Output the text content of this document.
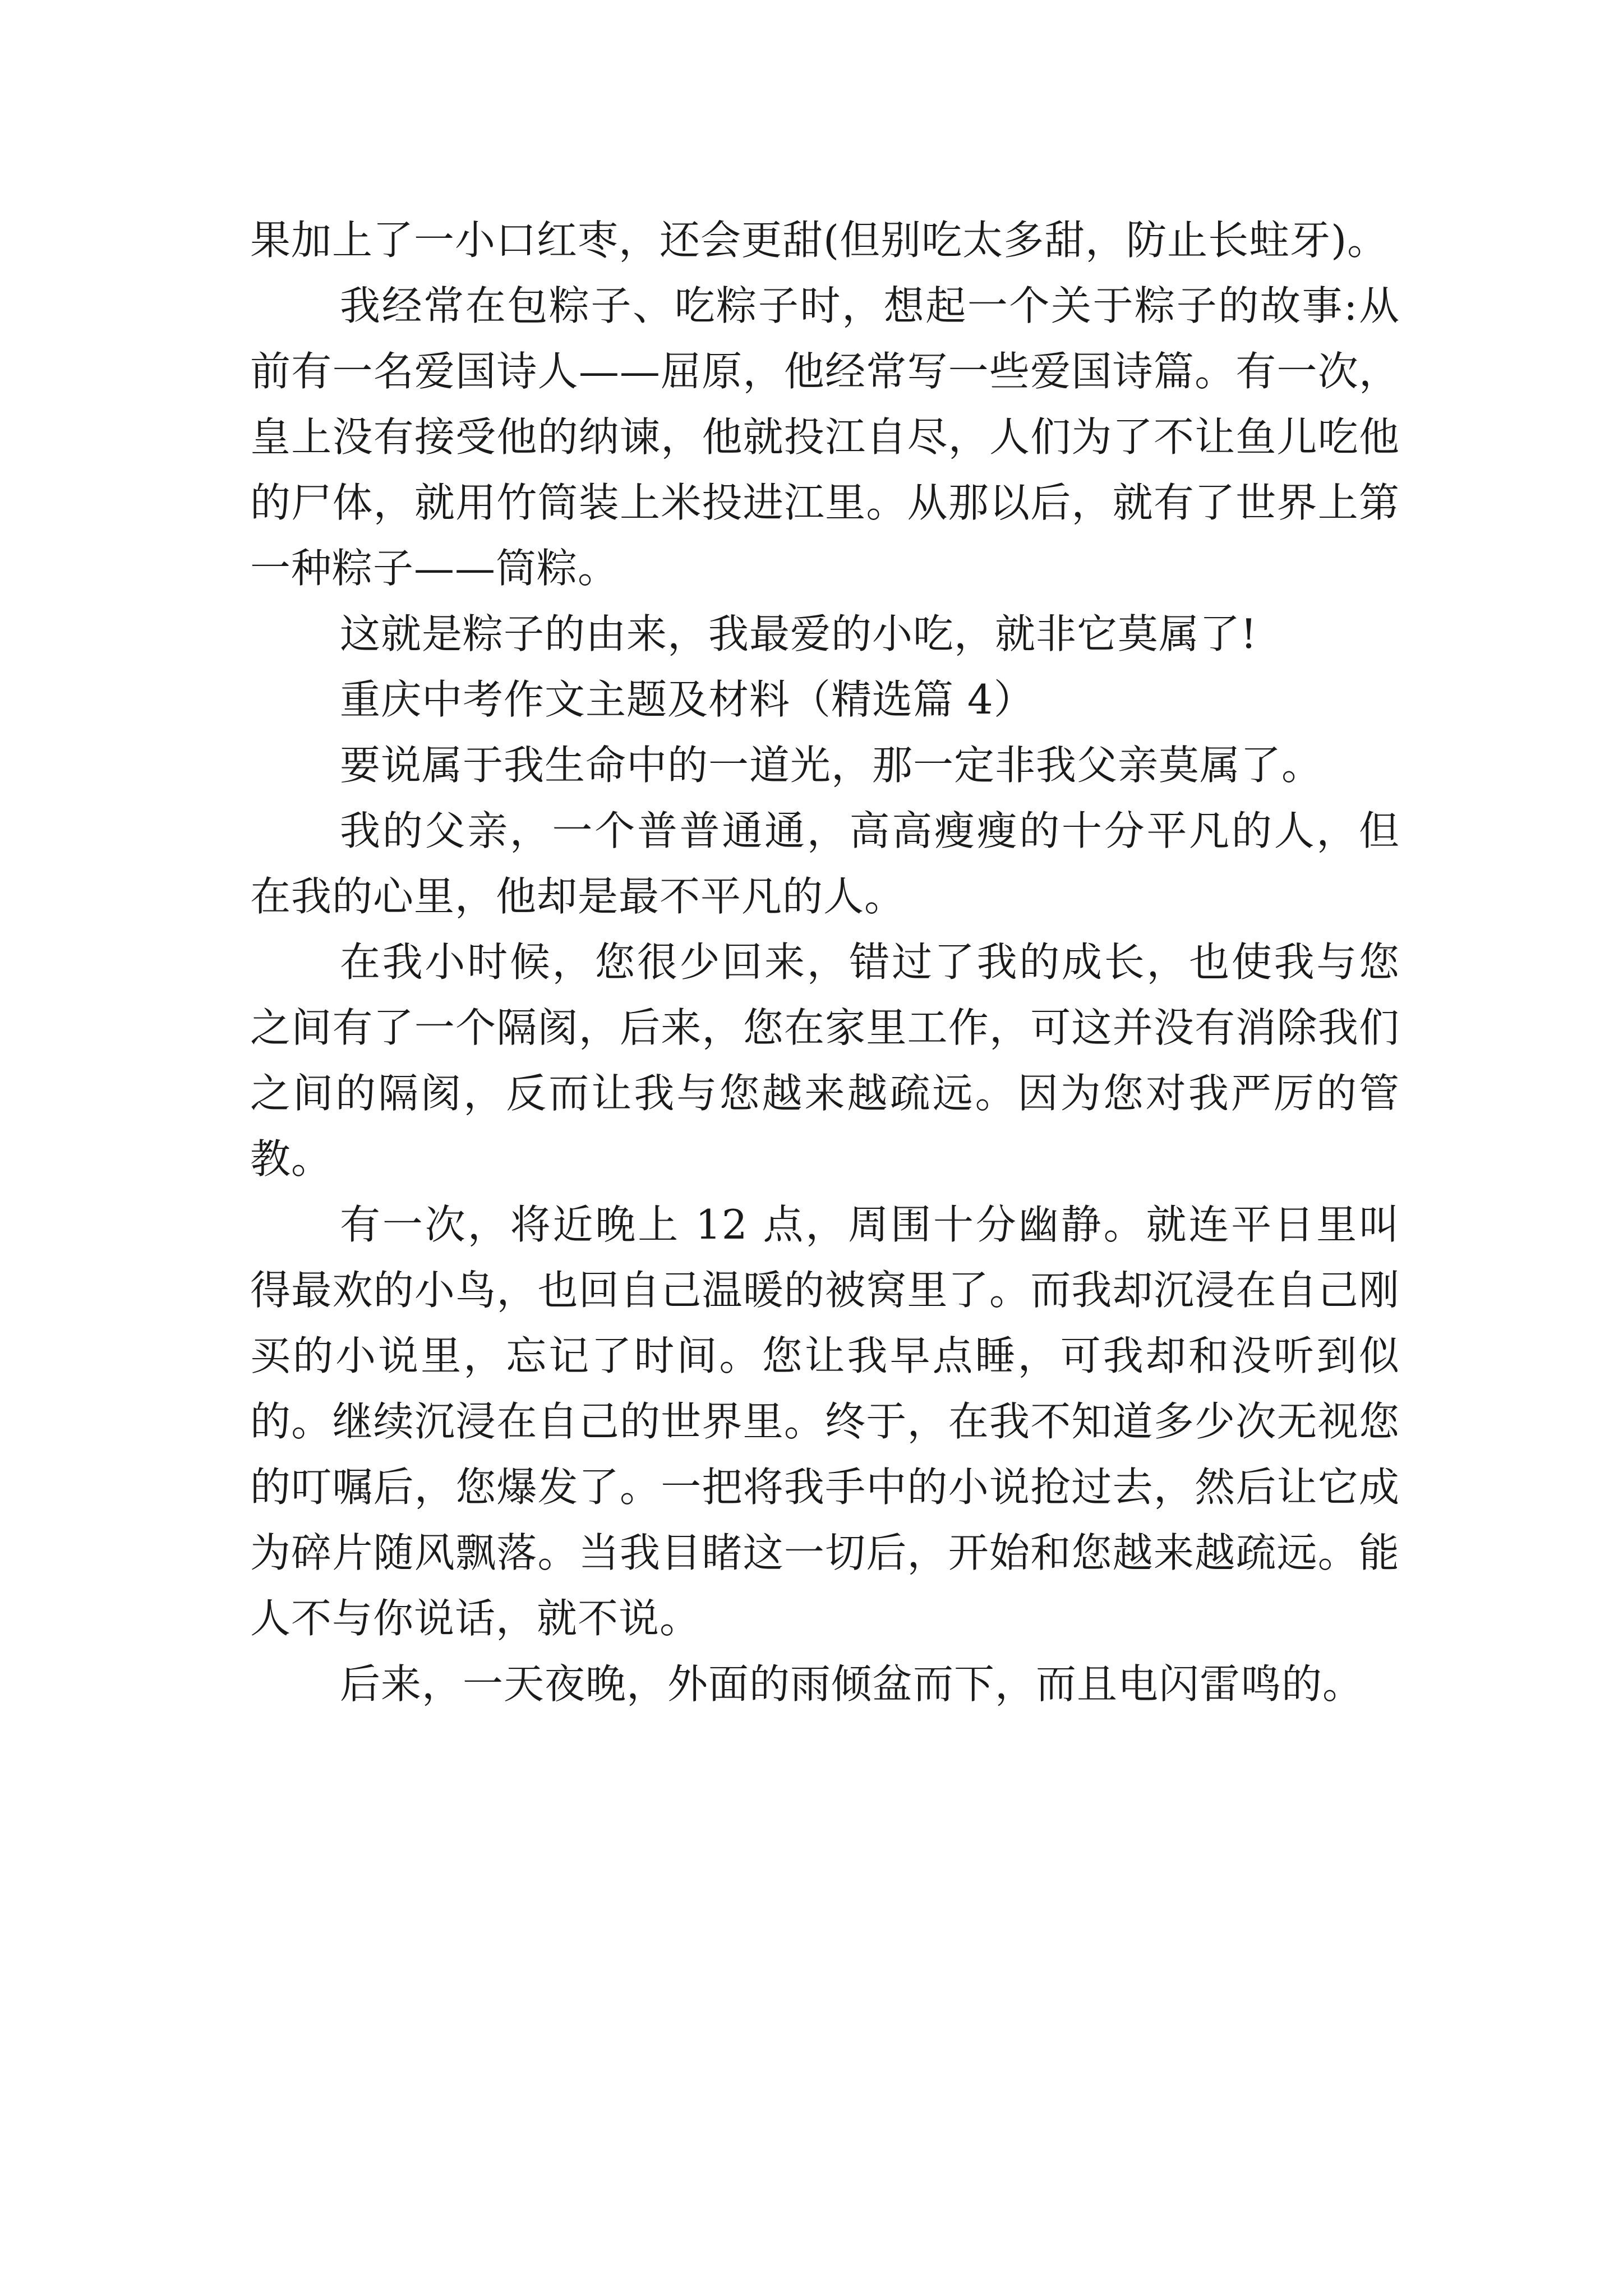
果加上了一小口红枣，还会更甜(但别吃太多甜，防止长蛀牙)。

我经常在包粽子、吃粽子时，想起一个关于粽子的故事:从前有一名爱国诗人——屈原，他经常写一些爱国诗篇。有一次，皇上没有接受他的纳谏，他就投江自尽，人们为了不让鱼儿吃他的尸体，就用竹筒装上米投进江里。从那以后，就有了世界上第一种粽子——筒粽。

这就是粽子的由来，我最爱的小吃，就非它莫属了!

重庆中考作文主题及材料（精选篇 4）

要说属于我生命中的一道光，那一定非我父亲莫属了。

我的父亲，一个普普通通，高高瘦瘦的十分平凡的人，但在我的心里，他却是最不平凡的人。

在我小时候，您很少回来，错过了我的成长，也使我与您之间有了一个隔阂，后来，您在家里工作，可这并没有消除我们之间的隔阂，反而让我与您越来越疏远。因为您对我严厉的管教。

有一次，将近晚上 12 点，周围十分幽静。就连平日里叫得最欢的小鸟，也回自己温暖的被窝里了。而我却沉浸在自己刚买的小说里，忘记了时间。您让我早点睡，可我却和没听到似的。继续沉浸在自己的世界里。终于，在我不知道多少次无视您的叮嘱后，您爆发了。一把将我手中的小说抢过去，然后让它成为碎片随风飘落。当我目睹这一切后，开始和您越来越疏远。能人不与你说话，就不说。

后来，一天夜晚，外面的雨倾盆而下，而且电闪雷鸣的。
